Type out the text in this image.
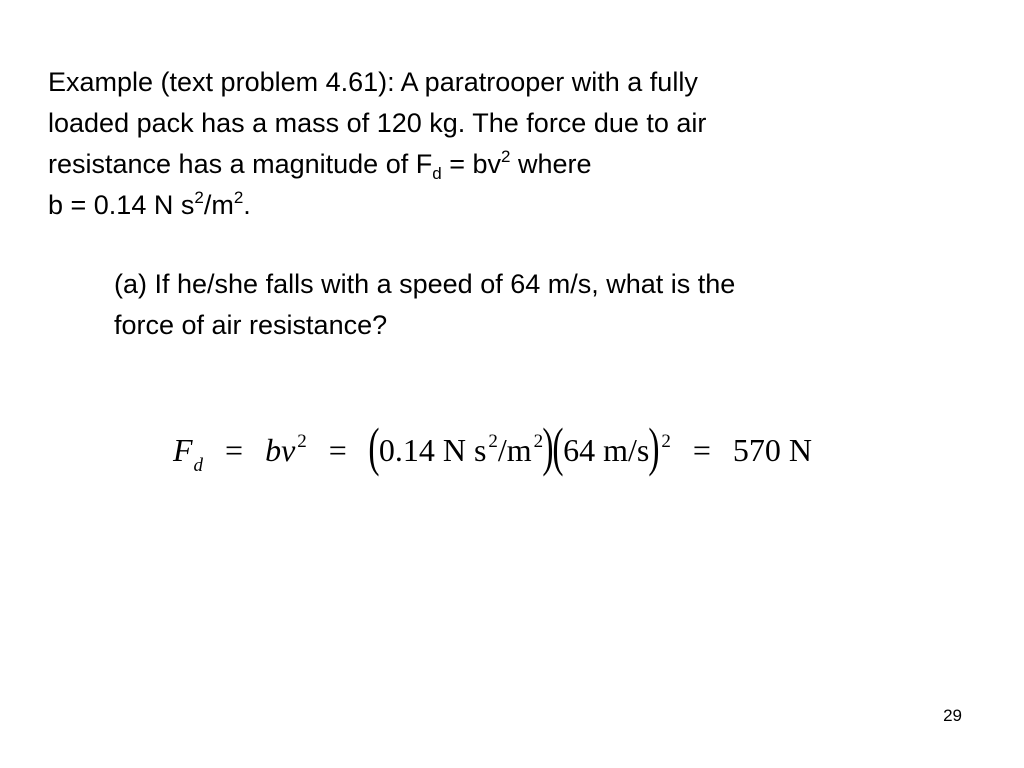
Example (text problem 4.61): A paratrooper with a fully
loaded pack has a mass of 120 kg. The force due to air
resistance has a magnitude of $F_d = bv^2$ where
b = 0.14 N $s^2/m^2$.
(a) If he/she falls with a speed of 64 m/s, what is the
force of air resistance?
$F_d$ = bv $^2$ = (0.14 N s $^2$/m $^2$)(64 m/s)$^2$ = 570 N
29
